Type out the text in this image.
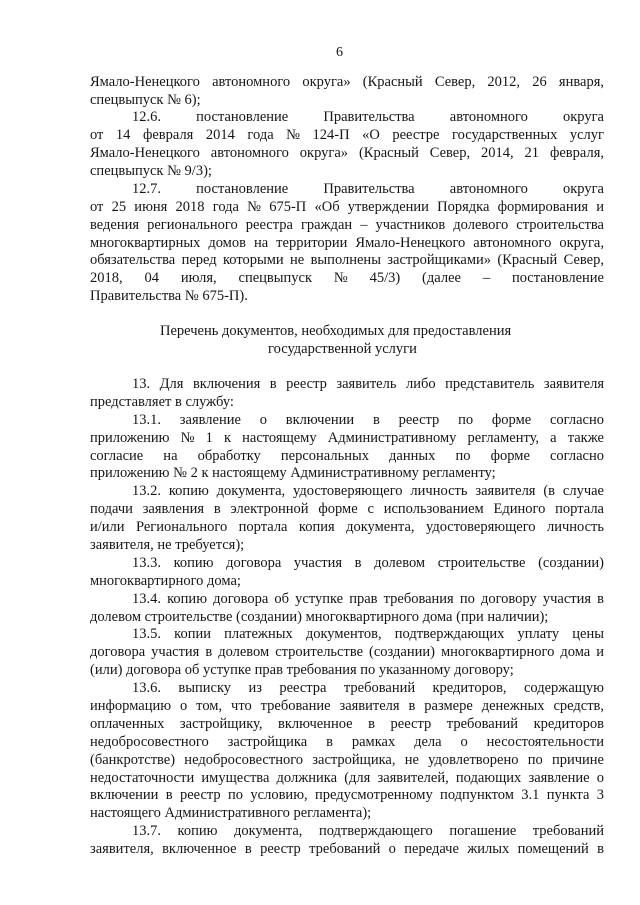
6
Ямало-Ненецкого автономного округа» (Красный Север, 2012, 26 января,
спецвыпуск № 6);
12.6. постановление Правительства автономного округа
от 14 февраля 2014 года № 124-П «О реестре государственных услуг
Ямало-Ненецкого автономного округа» (Красный Север, 2014, 21 февраля,
спецвыпуск № 9/3);
12.7. постановление Правительства автономного округа
от 25 июня 2018 года № 675-П «Об утверждении Порядка формирования и
ведения регионального реестра граждан – участников долевого строительства
многоквартирных домов на территории Ямало-Ненецкого автономного округа,
обязательства перед которыми не выполнены застройщиками» (Красный Север,
2018, 04 июля, спецвыпуск № 45/3) (далее – постановление
Правительства № 675-П).
Перечень документов, необходимых для предоставления
государственной услуги
13. Для включения в реестр заявитель либо представитель заявителя
представляет в службу:
13.1. заявление о включении в реестр по форме согласно
приложению № 1 к настоящему Административному регламенту, а также
согласие на обработку персональных данных по форме согласно
приложению № 2 к настоящему Административному регламенту;
13.2. копию документа, удостоверяющего личность заявителя (в случае
подачи заявления в электронной форме с использованием Единого портала
и/или Регионального портала копия документа, удостоверяющего личность
заявителя, не требуется);
13.3. копию договора участия в долевом строительстве (создании)
многоквартирного дома;
13.4. копию договора об уступке прав требования по договору участия в
долевом строительстве (создании) многоквартирного дома (при наличии);
13.5. копии платежных документов, подтверждающих уплату цены
договора участия в долевом строительстве (создании) многоквартирного дома и
(или) договора об уступке прав требования по указанному договору;
13.6. выписку из реестра требований кредиторов, содержащую
информацию о том, что требование заявителя в размере денежных средств,
оплаченных застройщику, включенное в реестр требований кредиторов
недобросовестного застройщика в рамках дела о несостоятельности
(банкротстве) недобросовестного застройщика, не удовлетворено по причине
недостаточности имущества должника (для заявителей, подающих заявление о
включении в реестр по условию, предусмотренному подпунктом 3.1 пункта 3
настоящего Административного регламента);
13.7. копию документа, подтверждающего погашение требований
заявителя, включенное в реестр требований о передаче жилых помещений в
